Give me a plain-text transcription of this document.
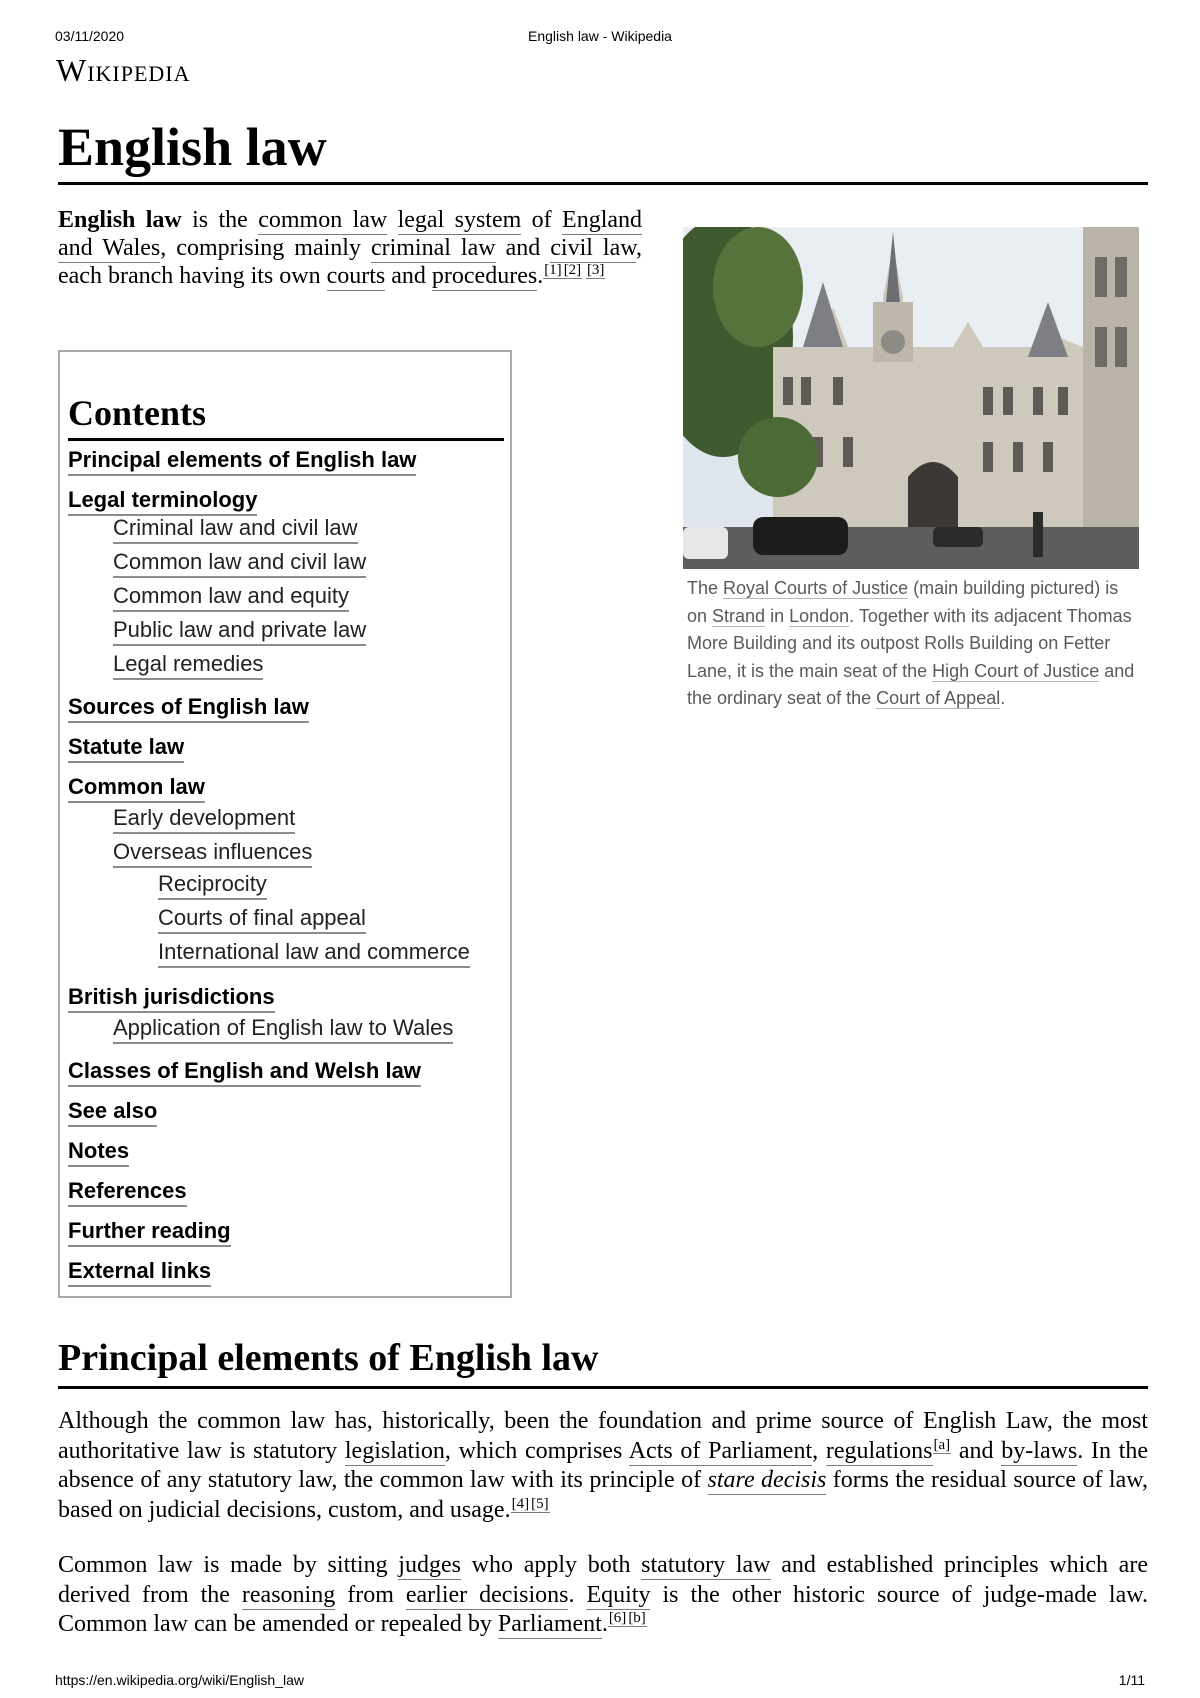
03/11/2020	English law - Wikipedia
Wikipedia
English law

English law is the common law legal system of England and Wales, comprising mainly criminal law and civil law, each branch having its own courts and procedures.[1] [2] [3]

Contents
Principal elements of English law
Legal terminology
Criminal law and civil law
Common law and civil law
Common law and equity
Public law and private law
Legal remedies
Sources of English law
Statute law
Common law
Early development
Overseas influences
Reciprocity
Courts of final appeal
International law and commerce
British jurisdictions
Application of English law to Wales
Classes of English and Welsh law
See also
Notes
References
Further reading
External links
The Royal Courts of Justice (main building pictured) is on Strand in London. Together with its adjacent Thomas More Building and its outpost Rolls Building on Fetter Lane, it is the main seat of the High Court of Justice and the ordinary seat of the Court of Appeal.
Principal elements of English law

Although the common law has, historically, been the foundation and prime source of English Law, the most authoritative law is statutory legislation, which comprises Acts of Parliament, regulations[a] and by-laws. In the absence of any statutory law, the common law with its principle of stare decisis forms the residual source of law, based on judicial decisions, custom, and usage.[4] [5]

Common law is made by sitting judges who apply both statutory law and established principles which are derived from the reasoning from earlier decisions. Equity is the other historic source of judge-made law. Common law can be amended or repealed by Parliament.[6] [b]

https://en.wikipedia.org/wiki/English_law	1/11
